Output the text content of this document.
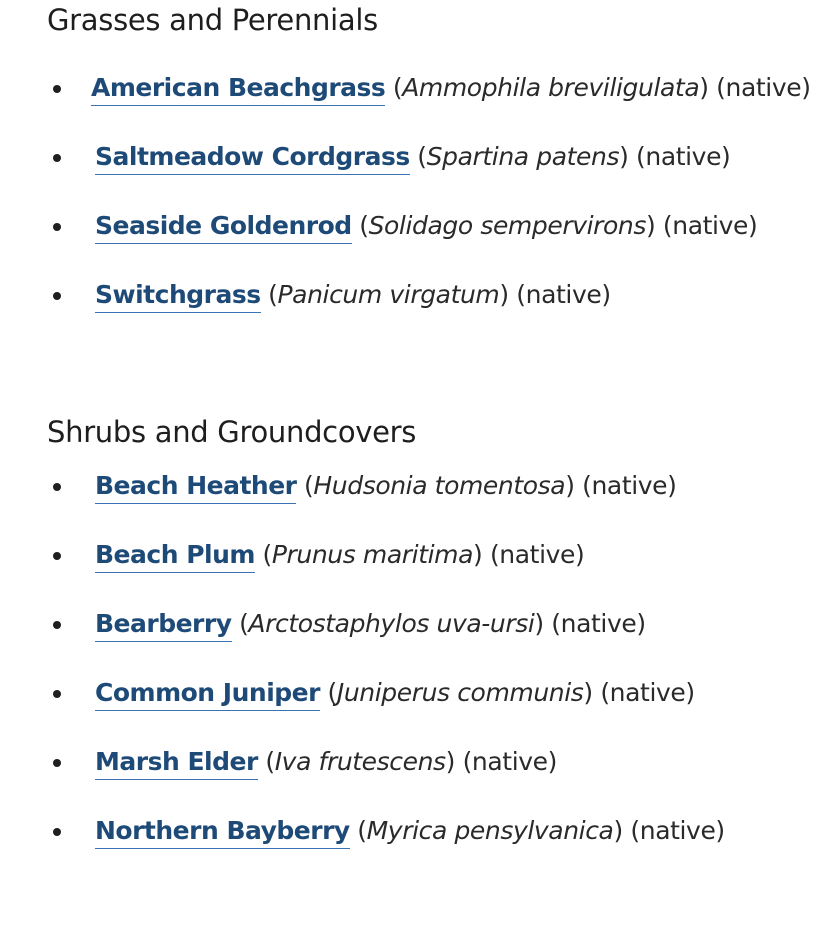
Grasses and Perennials
American Beachgrass (Ammophila breviligulata) (native)
Saltmeadow Cordgrass (Spartina patens) (native)
Seaside Goldenrod (Solidago sempervirons) (native)
Switchgrass (Panicum virgatum) (native)
Shrubs and Groundcovers
Beach Heather (Hudsonia tomentosa) (native)
Beach Plum (Prunus maritima) (native)
Bearberry (Arctostaphylos uva-ursi) (native)
Common Juniper (Juniperus communis) (native)
Marsh Elder (Iva frutescens) (native)
Northern Bayberry (Myrica pensylvanica) (native)
